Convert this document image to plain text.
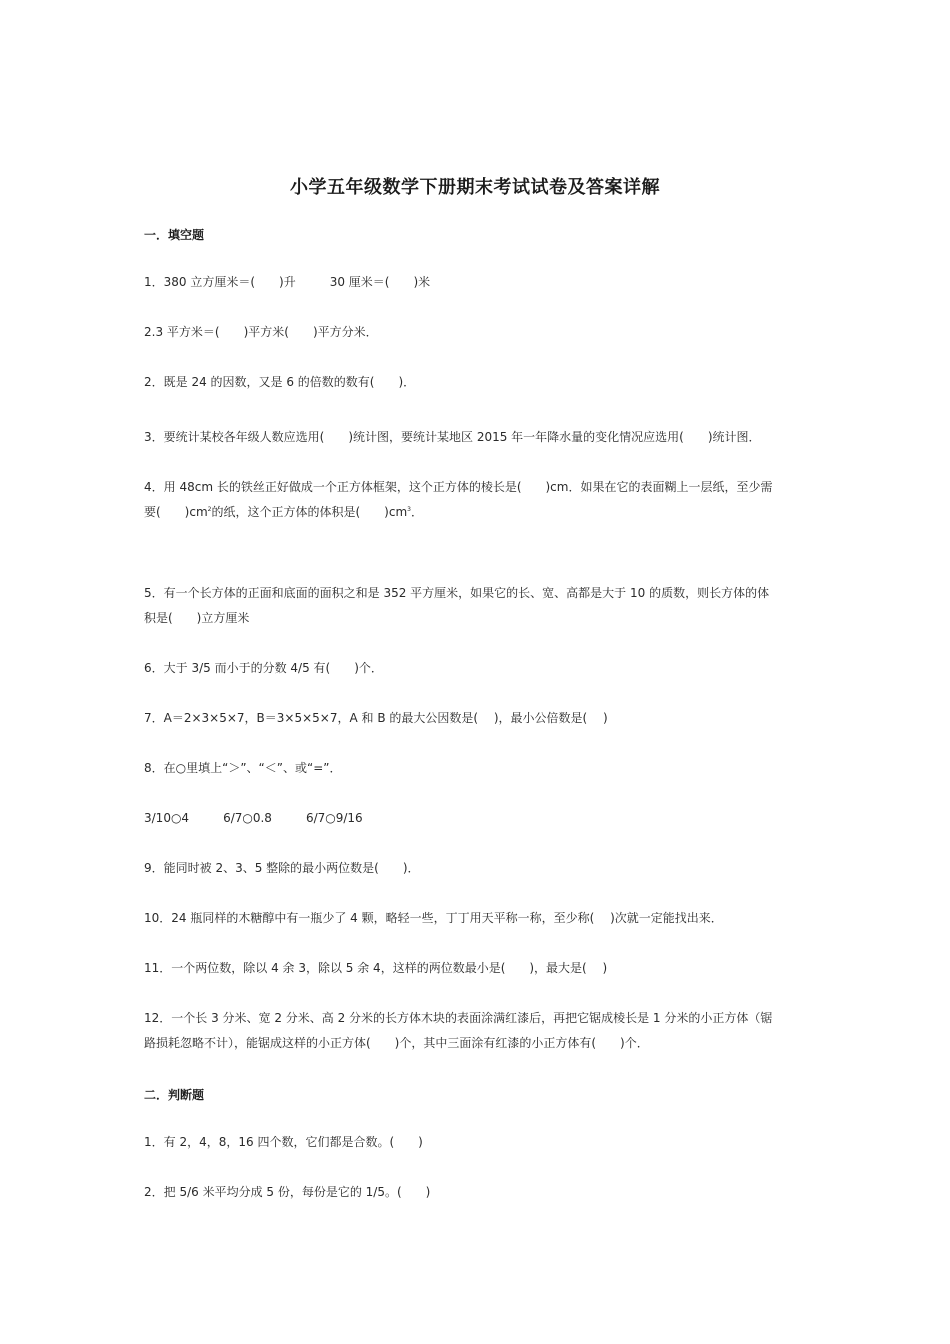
小学五年级数学下册期末考试试卷及答案详解
一．填空题
1．380 立方厘米＝(　　)升	30 厘米＝(　　)米
2.3 平方米＝(　　)平方米(　　)平方分米．
2．既是 24 的因数，又是 6 的倍数的数有(　　)．
3．要统计某校各年级人数应选用(　　)统计图，要统计某地区 2015 年一年降水量的变化情况应选用(　　)统计图．
4．用 48cm 长的铁丝正好做成一个正方体框架，这个正方体的棱长是(　　)cm．如果在它的表面糊上一层纸，至少需
要(　　)$cm^2$的纸，这个正方体的体积是(　　)$cm^3$．
5．有一个长方体的正面和底面的面积之和是 352 平方厘米，如果它的长、宽、高都是大于 10 的质数，则长方体的体
积是(　　)立方厘米
6．大于 3/5 而小于的分数 4/5 有(　　)个．
7．A＝2×3×5×7，B＝3×5×5×7，A 和 B 的最大公因数是(　 )，最小公倍数是(　 )
8．在○里填上“＞”、“＜”、或“=”．
3/10○4	6/7○0.8	6/7○9/16
9．能同时被 2、3、5 整除的最小两位数是(　　)．
10．24 瓶同样的木糖醇中有一瓶少了 4 颗，略轻一些，丁丁用天平称一称，至少称(　 )次就一定能找出来．
11．一个两位数，除以 4 余 3，除以 5 余 4，这样的两位数最小是(　　)，最大是(　 )
12．一个长 3 分米、宽 2 分米、高 2 分米的长方体木块的表面涂满红漆后，再把它锯成棱长是 1 分米的小正方体（锯
路损耗忽略不计），能锯成这样的小正方体(　　)个，其中三面涂有红漆的小正方体有(　　)个．
二．判断题
1．有 2，4，8，16 四个数，它们都是合数。(　　)
2．把 5/6 米平均分成 5 份，每份是它的 1/5。(　　)
